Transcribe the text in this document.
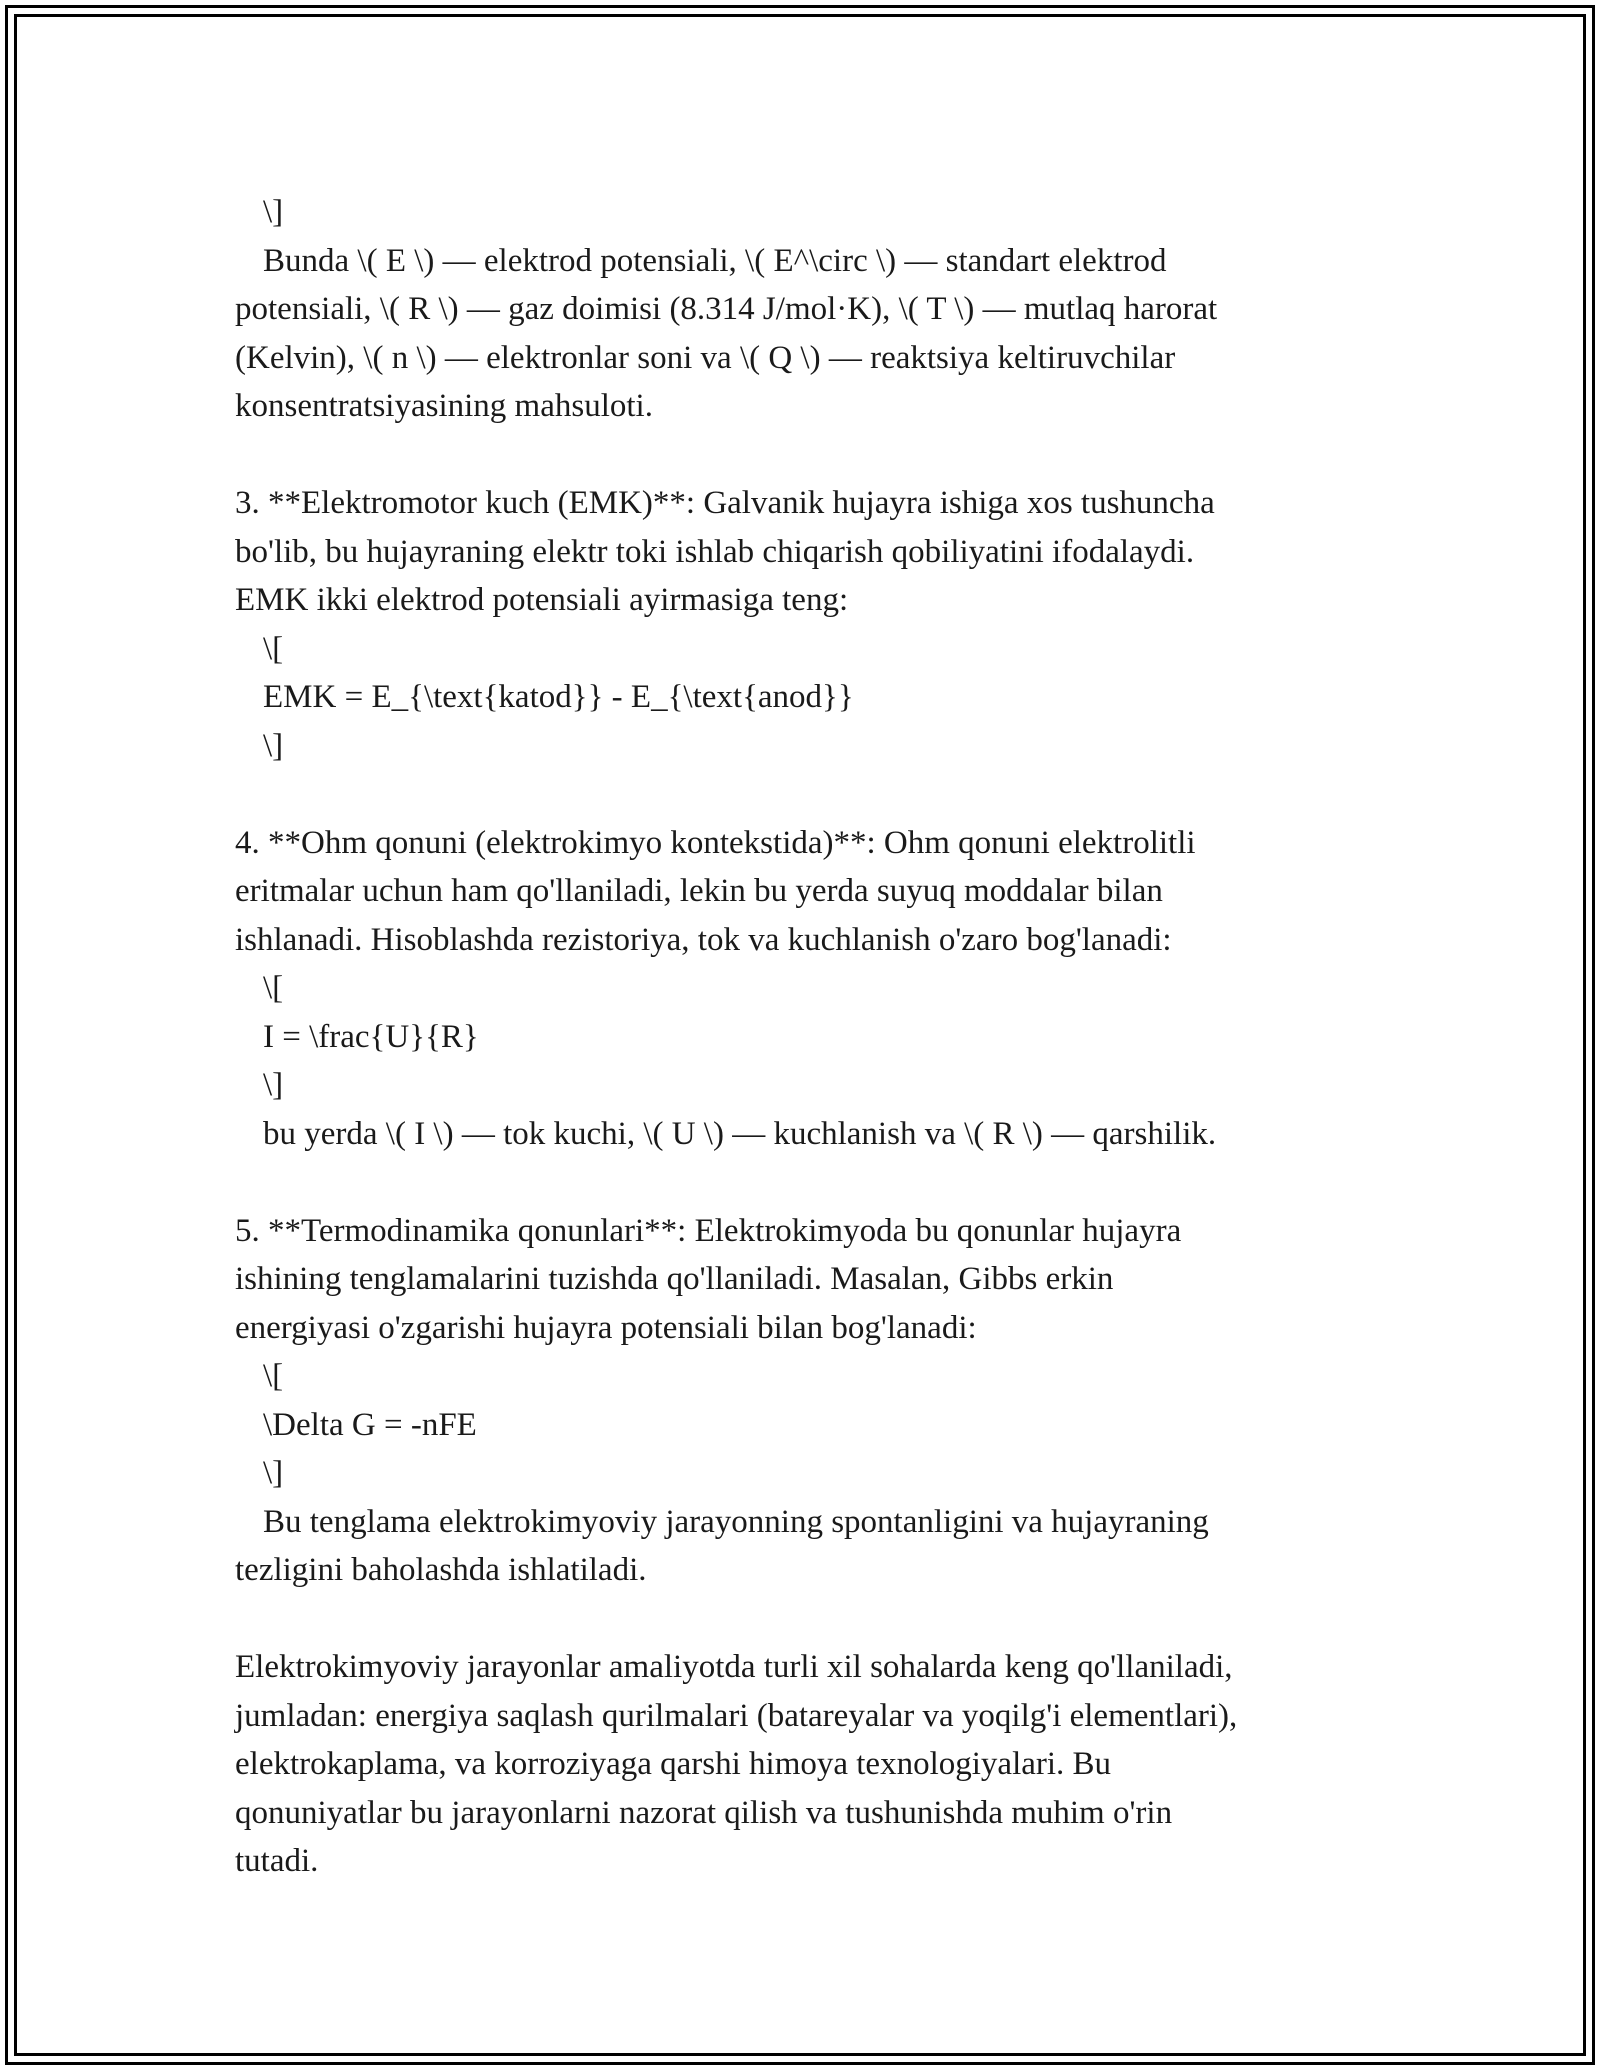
\]
Bunda \( E \) — elektrod potensiali, \( E^\circ \) — standart elektrod
potensiali, \( R \) — gaz doimisi (8.314 J/mol·K), \( T \) — mutlaq harorat
(Kelvin), \( n \) — elektronlar soni va \( Q \) — reaktsiya keltiruvchilar
konsentratsiyasining mahsuloti.
3. **Elektromotor kuch (EMK)**: Galvanik hujayra ishiga xos tushuncha
bo'lib, bu hujayraning elektr toki ishlab chiqarish qobiliyatini ifodalaydi.
EMK ikki elektrod potensiali ayirmasiga teng:
\[
EMK = E_{\text{katod}} - E_{\text{anod}}
\]
4. **Ohm qonuni (elektrokimyo kontekstida)**: Ohm qonuni elektrolitli
eritmalar uchun ham qo'llaniladi, lekin bu yerda suyuq moddalar bilan
ishlanadi. Hisoblashda rezistoriya, tok va kuchlanish o'zaro bog'lanadi:
\[
I = \frac{U}{R}
\]
bu yerda \( I \) — tok kuchi, \( U \) — kuchlanish va \( R \) — qarshilik.
5. **Termodinamika qonunlari**: Elektrokimyoda bu qonunlar hujayra
ishining tenglamalarini tuzishda qo'llaniladi. Masalan, Gibbs erkin
energiyasi o'zgarishi hujayra potensiali bilan bog'lanadi:
\[
\Delta G = -nFE
\]
Bu tenglama elektrokimyoviy jarayonning spontanligini va hujayraning
tezligini baholashda ishlatiladi.
Elektrokimyoviy jarayonlar amaliyotda turli xil sohalarda keng qo'llaniladi,
jumladan: energiya saqlash qurilmalari (batareyalar va yoqilg'i elementlari),
elektrokaplama, va korroziyaga qarshi himoya texnologiyalari. Bu
qonuniyatlar bu jarayonlarni nazorat qilish va tushunishda muhim o'rin
tutadi.
